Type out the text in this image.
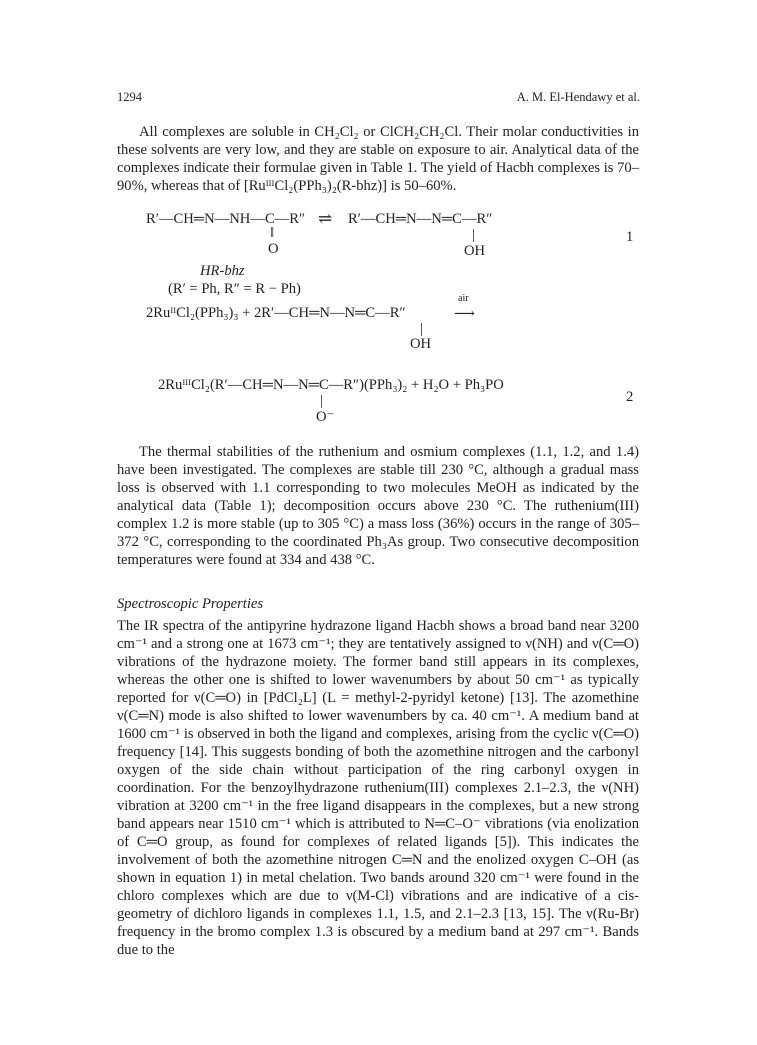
1294	A. M. El-Hendawy et al.

All complexes are soluble in CH₂Cl₂ or ClCH₂CH₂Cl. Their molar conductivities in these solvents are very low, and they are stable on exposure to air. Analytical data of the complexes indicate their formulae given in Table 1. The yield of Hacbh complexes is 70–90%, whereas that of [RuᴵᴵᴵCl₂(PPh₃)₂(R-bhz)] is 50–60%.

R′—CH═N—NH—C—R″
‖
O
⇌ R′—CH═N—N═C—R″
|
OH
1
HR-bhz
(R′ = Ph, R″ = R − Ph)
2RuᴵᴵCl₂(PPh₃)₃ + 2R′—CH═N—N═C—R″
air
⟶
|
OH
2RuᴵᴵᴵCl₂(R′—CH═N—N═C—R″)(PPh₃)₂ + H₂O + Ph₃PO
|
O⁻
2

The thermal stabilities of the ruthenium and osmium complexes (1.1, 1.2, and 1.4) have been investigated. The complexes are stable till 230 °C, although a gradual mass loss is observed with 1.1 corresponding to two molecules MeOH as indicated by the analytical data (Table 1); decomposition occurs above 230 °C. The ruthenium(III) complex 1.2 is more stable (up to 305 °C) a mass loss (36%) occurs in the range of 305–372 °C, corresponding to the coordinated Ph₃As group. Two consecutive decomposition temperatures were found at 334 and 438 °C.

Spectroscopic Properties

The IR spectra of the antipyrine hydrazone ligand Hacbh shows a broad band near 3200 cm⁻¹ and a strong one at 1673 cm⁻¹; they are tentatively assigned to ν(NH) and ν(C═O) vibrations of the hydrazone moiety. The former band still appears in its complexes, whereas the other one is shifted to lower wavenumbers by about 50 cm⁻¹ as typically reported for ν(C═O) in [PdCl₂L] (L = methyl-2-pyridyl ketone) [13]. The azomethine ν(C═N) mode is also shifted to lower wavenumbers by ca. 40 cm⁻¹. A medium band at 1600 cm⁻¹ is observed in both the ligand and complexes, arising from the cyclic ν(C═O) frequency [14]. This suggests bonding of both the azomethine nitrogen and the carbonyl oxygen of the side chain without participation of the ring carbonyl oxygen in coordination. For the benzoylhydrazone ruthenium(III) complexes 2.1–2.3, the ν(NH) vibration at 3200 cm⁻¹ in the free ligand disappears in the complexes, but a new strong band appears near 1510 cm⁻¹ which is attributed to N═C–O⁻ vibrations (via enolization of C═O group, as found for complexes of related ligands [5]). This indicates the involvement of both the azomethine nitrogen C═N and the enolized oxygen C–OH (as shown in equation 1) in metal chelation. Two bands around 320 cm⁻¹ were found in the chloro complexes which are due to ν(M-Cl) vibrations and are indicative of a cis-geometry of dichloro ligands in complexes 1.1, 1.5, and 2.1–2.3 [13, 15]. The ν(Ru-Br) frequency in the bromo complex 1.3 is obscured by a medium band at 297 cm⁻¹. Bands due to the
